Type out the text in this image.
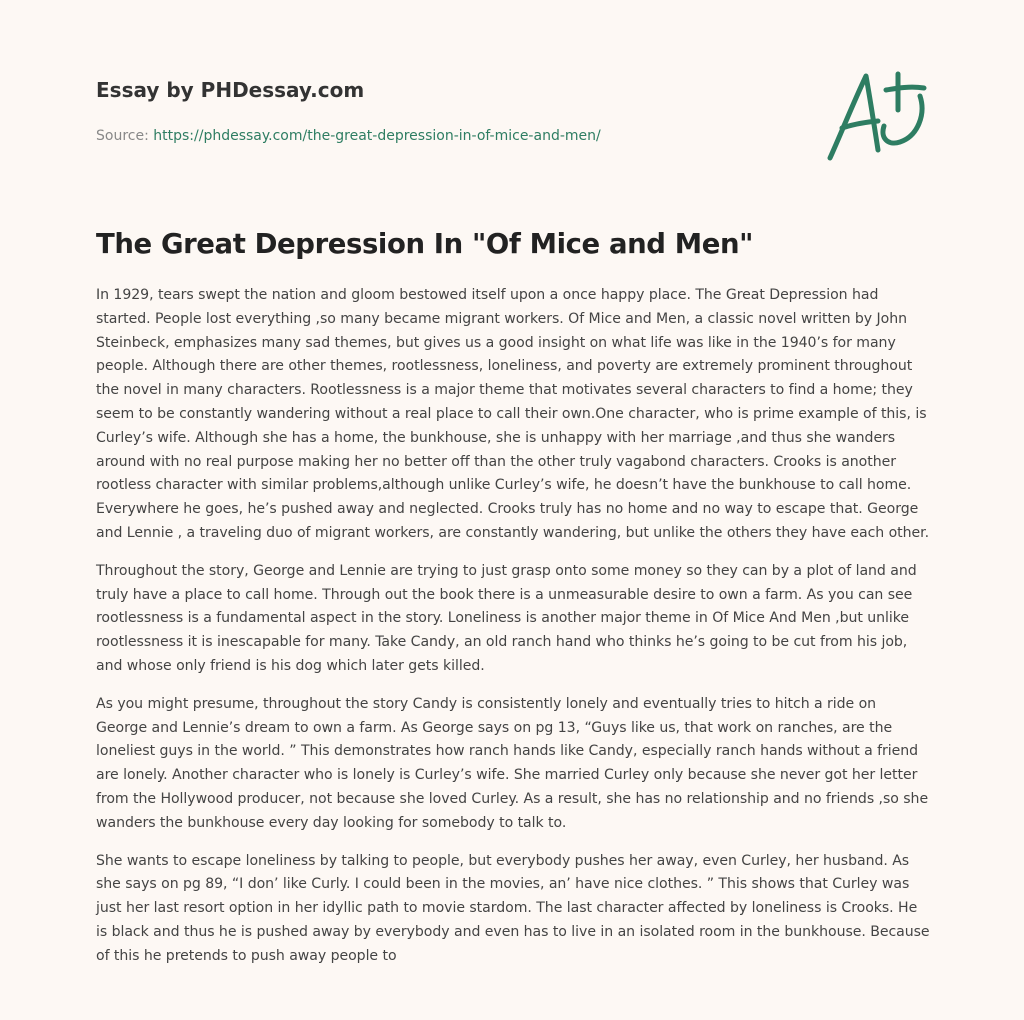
Essay by PHDessay.com
Source: https://phdessay.com/the-great-depression-in-of-mice-and-men/
The Great Depression In "Of Mice and Men"

In 1929, tears swept the nation and gloom bestowed itself upon a once happy place. The Great Depression had started. People lost everything ,so many became migrant workers. Of Mice and Men, a classic novel written by John Steinbeck, emphasizes many sad themes, but gives us a good insight on what life was like in the 1940’s for many people. Although there are other themes, rootlessness, loneliness, and poverty are extremely prominent throughout the novel in many characters. Rootlessness is a major theme that motivates several characters to find a home; they seem to be constantly wandering without a real place to call their own.One character, who is prime example of this, is Curley’s wife. Although she has a home, the bunkhouse, she is unhappy with her marriage ,and thus she wanders around with no real purpose making her no better off than the other truly vagabond characters. Crooks is another rootless character with similar problems,although unlike Curley’s wife, he doesn’t have the bunkhouse to call home. Everywhere he goes, he’s pushed away and neglected. Crooks truly has no home and no way to escape that. George and Lennie , a traveling duo of migrant workers, are constantly wandering, but unlike the others they have each other.

Throughout the story, George and Lennie are trying to just grasp onto some money so they can by a plot of land and truly have a place to call home. Through out the book there is a unmeasurable desire to own a farm. As you can see rootlessness is a fundamental aspect in the story. Loneliness is another major theme in Of Mice And Men ,but unlike rootlessness it is inescapable for many. Take Candy, an old ranch hand who thinks he’s going to be cut from his job, and whose only friend is his dog which later gets killed.

As you might presume, throughout the story Candy is consistently lonely and eventually tries to hitch a ride on George and Lennie’s dream to own a farm. As George says on pg 13, “Guys like us, that work on ranches, are the loneliest guys in the world. ” This demonstrates how ranch hands like Candy, especially ranch hands without a friend are lonely. Another character who is lonely is Curley’s wife. She married Curley only because she never got her letter from the Hollywood producer, not because she loved Curley. As a result, she has no relationship and no friends ,so she wanders the bunkhouse every day looking for somebody to talk to.

She wants to escape loneliness by talking to people, but everybody pushes her away, even Curley, her husband. As she says on pg 89, “I don’ like Curly. I could been in the movies, an’ have nice clothes. ” This shows that Curley was just her last resort option in her idyllic path to movie stardom. The last character affected by loneliness is Crooks. He is black and thus he is pushed away by everybody and even has to live in an isolated room in the bunkhouse. Because of this he pretends to push away people to
